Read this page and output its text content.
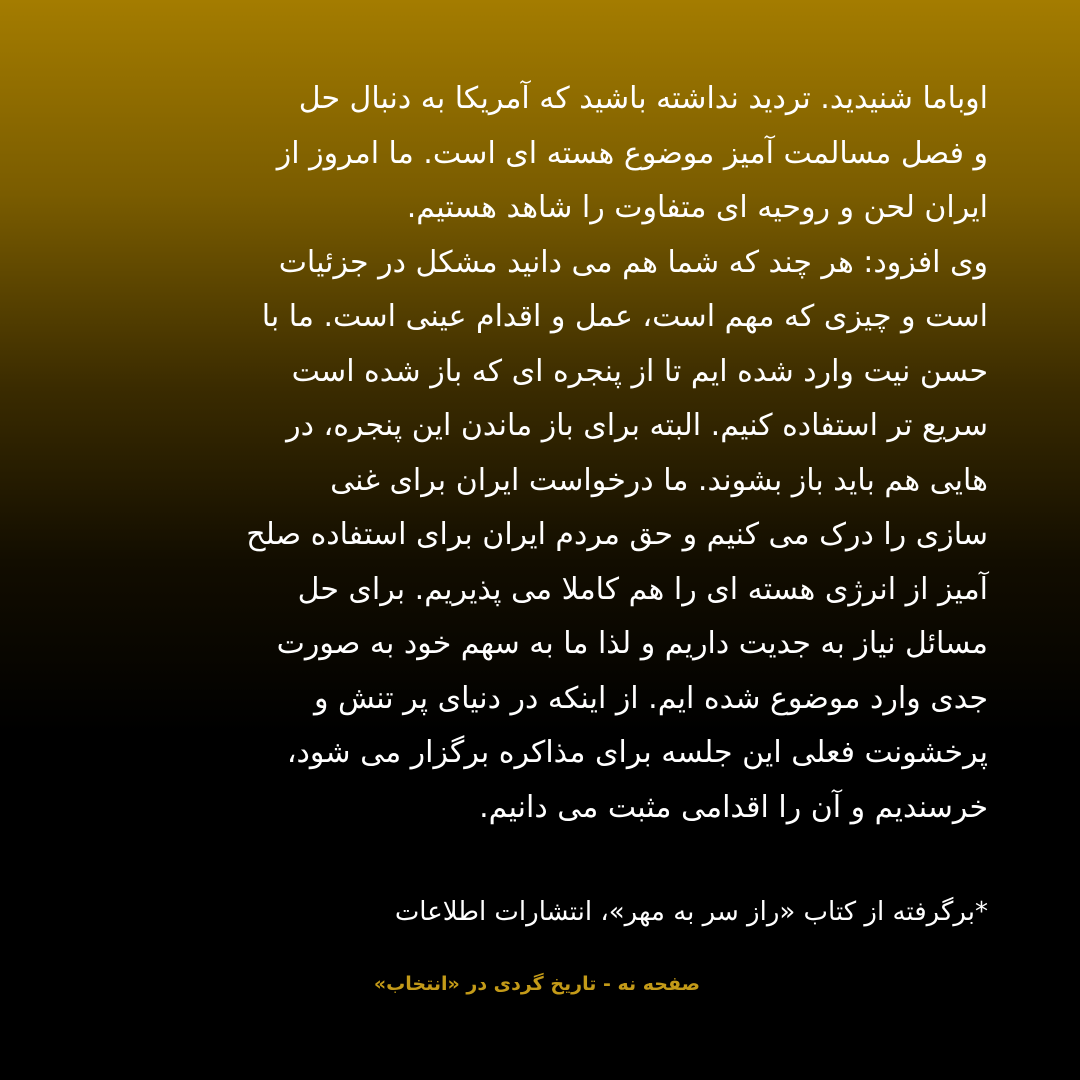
اوباما شنیدید. تردید نداشته باشید که آمریکا به دنبال حل
و فصل مسالمت آمیز موضوع هسته ای است. ما امروز از
ایران لحن و روحیه ای متفاوت را شاهد هستیم.
وی افزود: هر چند که شما هم می دانید مشکل در جزئیات
است و چیزی که مهم است، عمل و اقدام عینی است. ما با
حسن نیت وارد شده ایم تا از پنجره ای که باز شده است
سریع تر استفاده کنیم. البته برای باز ماندن این پنجره، در
هایی هم باید باز بشوند. ما درخواست ایران برای غنی
سازی را درک می کنیم و حق مردم ایران برای استفاده صلح
آمیز از انرژی هسته ای را هم کاملا می پذیریم. برای حل
مسائل نیاز به جدیت داریم و لذا ما به سهم خود به صورت
جدی وارد موضوع شده ایم. از اینکه در دنیای پر تنش و
پرخشونت فعلی این جلسه برای مذاکره برگزار می شود،
خرسندیم و آن را اقدامی مثبت می دانیم.
*برگرفته از کتاب «راز سر به مهر»، انتشارات اطلاعات
صفحه نه - تاریخ گردی در «انتخاب»
